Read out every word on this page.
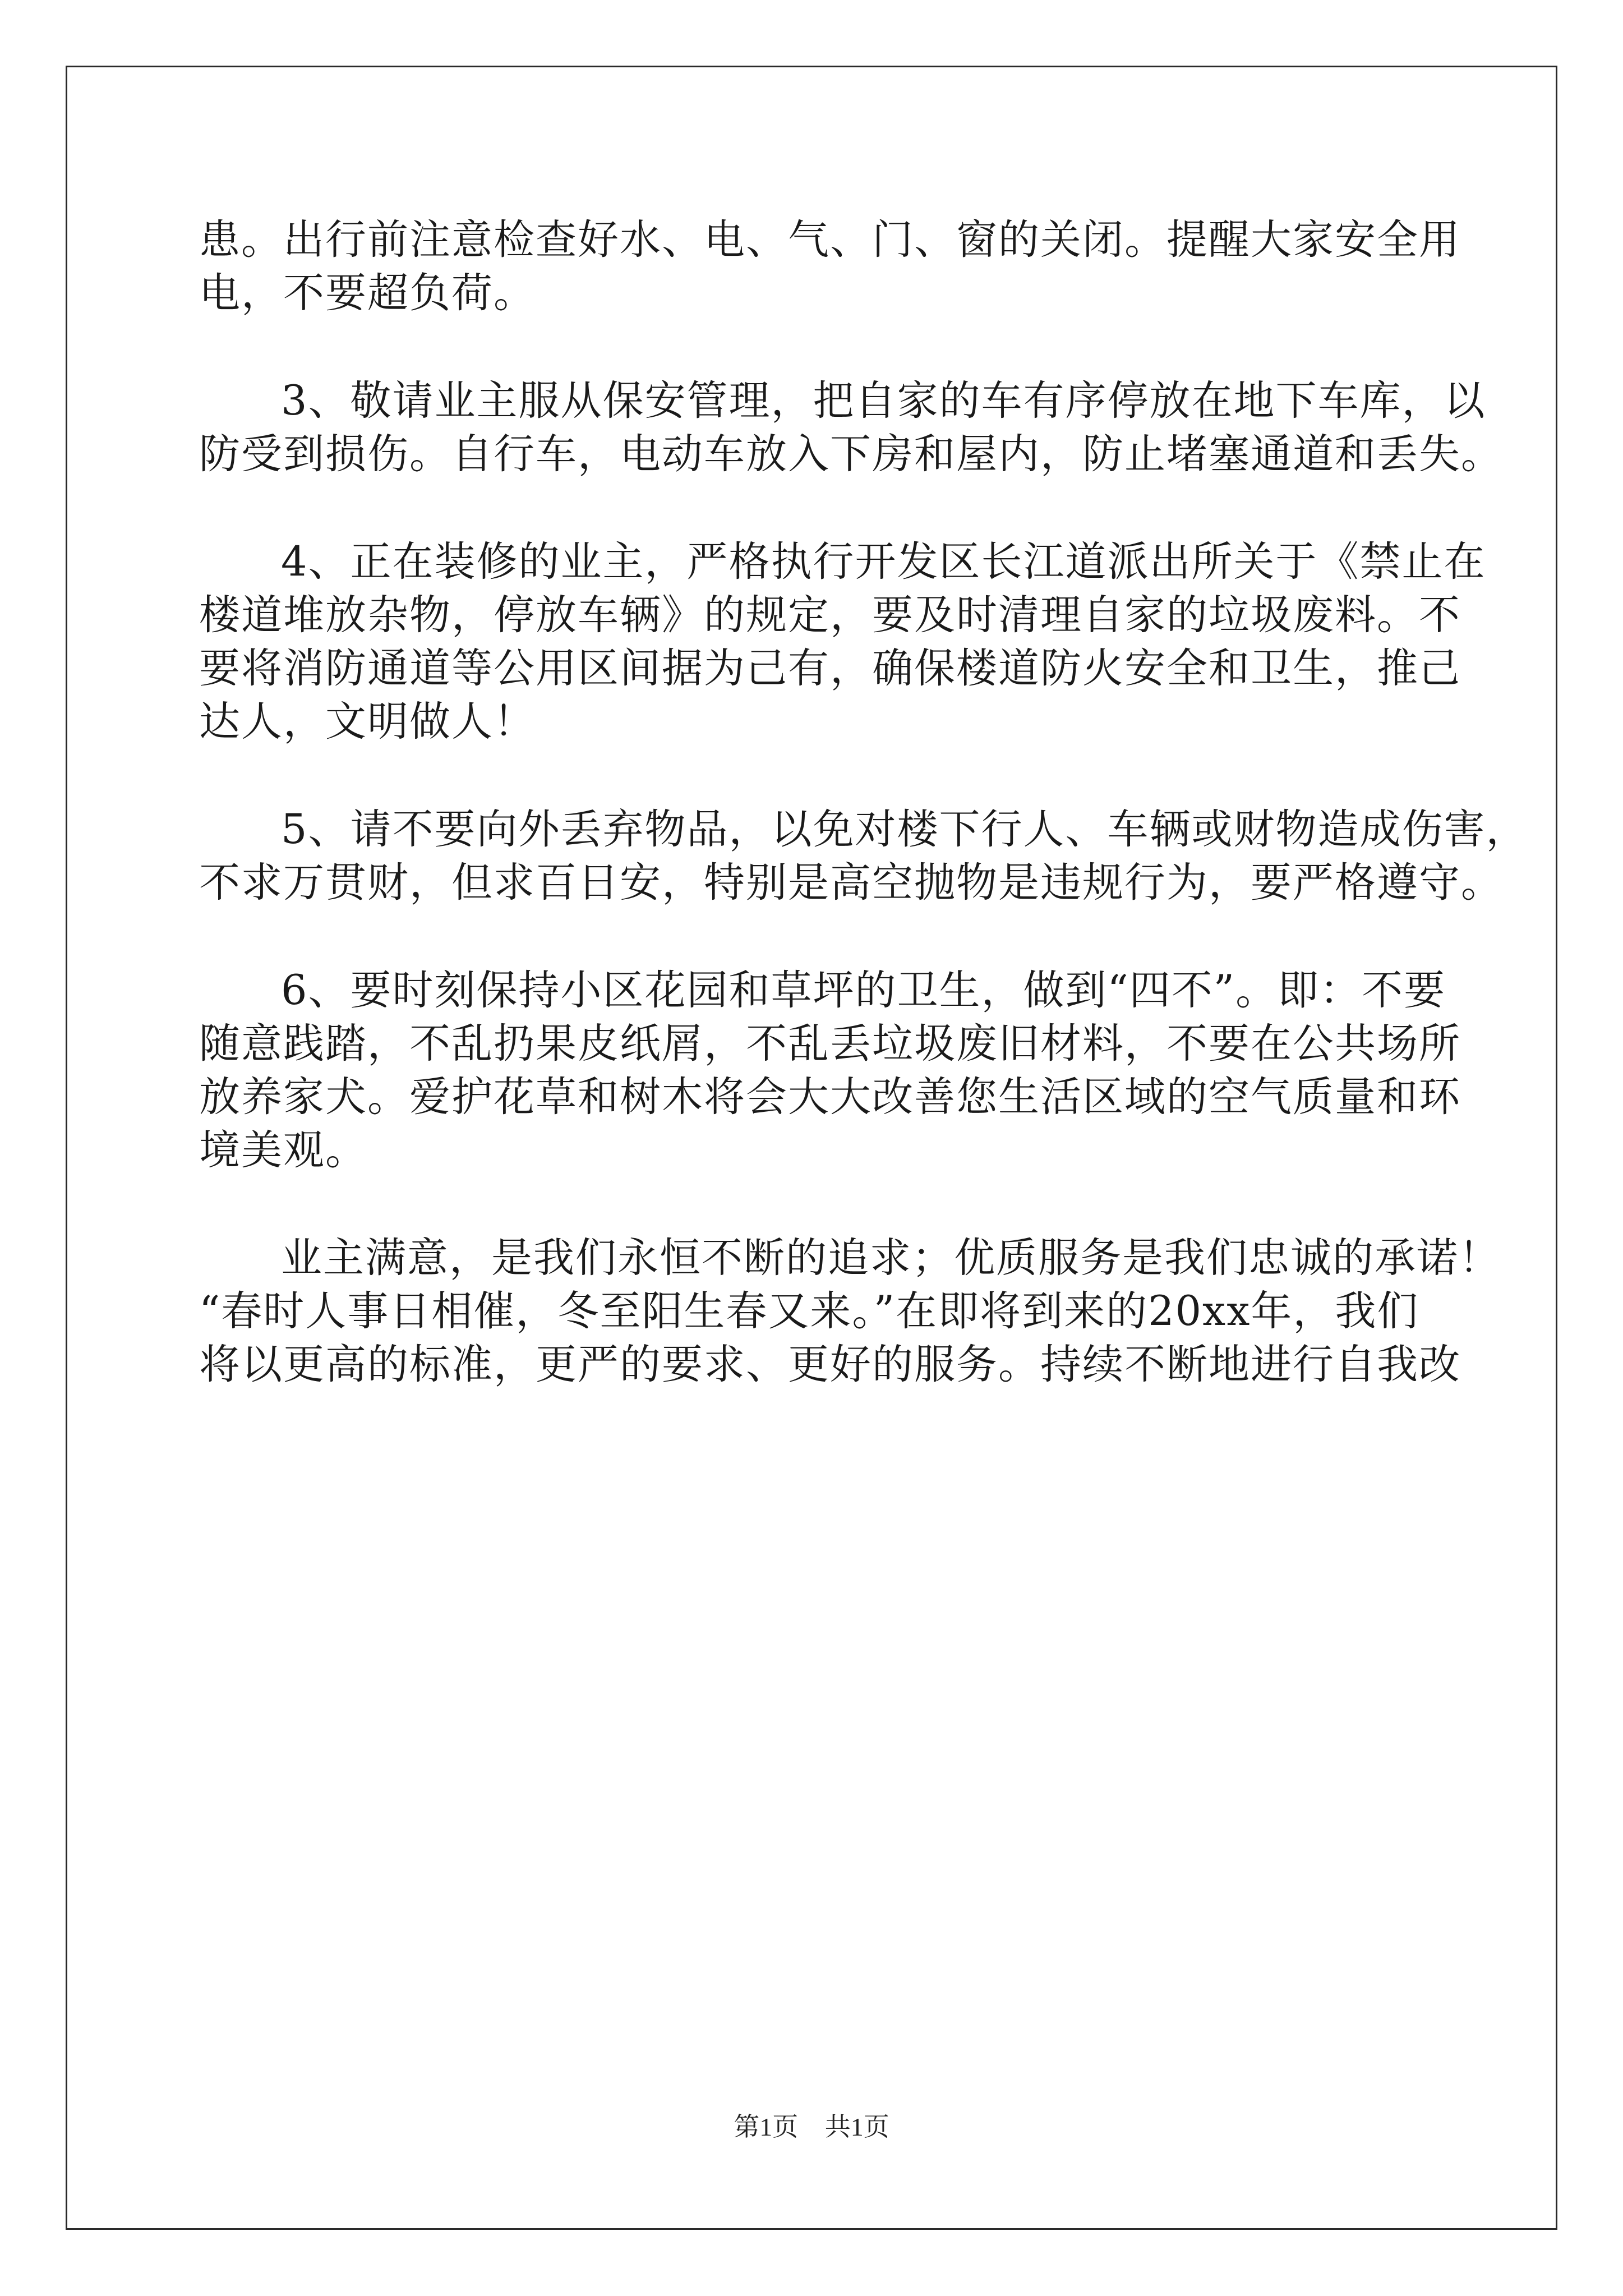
患。出行前注意检查好水、电、气、门、窗的关闭。提醒大家安全用

电，不要超负荷。

3、敬请业主服从保安管理，把自家的车有序停放在地下车库，以

防受到损伤。自行车，电动车放入下房和屋内，防止堵塞通道和丢失。

4、正在装修的业主，严格执行开发区长江道派出所关于《禁止在

楼道堆放杂物，停放车辆》的规定，要及时清理自家的垃圾废料。不

要将消防通道等公用区间据为己有，确保楼道防火安全和卫生，推己

达人，文明做人！

5、请不要向外丢弃物品，以免对楼下行人、车辆或财物造成伤害，

不求万贯财，但求百日安，特别是高空抛物是违规行为，要严格遵守。

6、要时刻保持小区花园和草坪的卫生，做到“四不”。即：不要

随意践踏，不乱扔果皮纸屑，不乱丢垃圾废旧材料，不要在公共场所

放养家犬。爱护花草和树木将会大大改善您生活区域的空气质量和环

境美观。

业主满意，是我们永恒不断的追求；优质服务是我们忠诚的承诺！

“春时人事日相催，冬至阳生春又来。”在即将到来的20xx年，我们

将以更高的标准，更严的要求、更好的服务。持续不断地进行自我改

第1页 共1页
